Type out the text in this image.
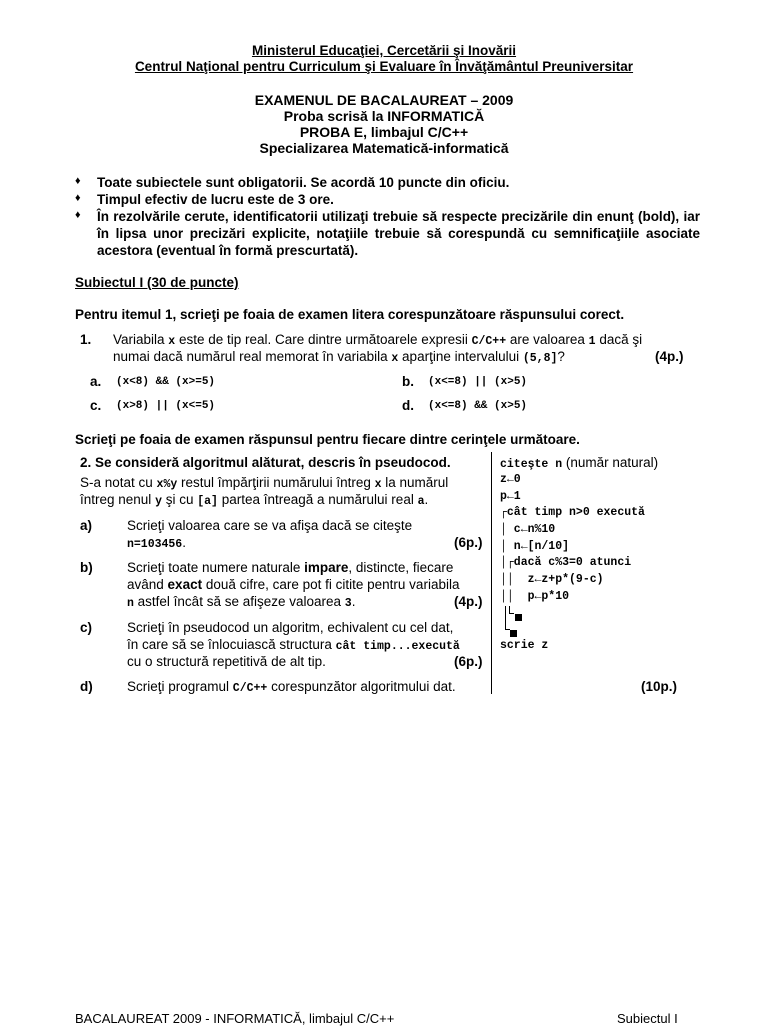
Ministerul Educaţiei, Cercetării şi Inovării
Centrul Naţional pentru Curriculum şi Evaluare în Învăţământul Preuniversitar
EXAMENUL DE BACALAUREAT – 2009
Proba scrisă la INFORMATICĂ
PROBA E, limbajul C/C++
Specializarea Matematică-informatică
♦ Toate subiectele sunt obligatorii. Se acordă 10 puncte din oficiu.
♦ Timpul efectiv de lucru este de 3 ore.
♦ În rezolvările cerute, identificatorii utilizaţi trebuie să respecte precizările din enunţ (bold), iar în lipsa unor precizări explicite, notaţiile trebuie să corespundă cu semnificaţiile asociate acestora (eventual în formă prescurtată).
Subiectul I (30 de puncte)
Pentru itemul 1, scrieţi pe foaia de examen litera corespunzătoare răspunsului corect.
1. Variabila x este de tip real. Care dintre următoarele expresii C/C++ are valoarea 1 dacă şi
numai dacă numărul real memorat în variabila x aparţine intervalului (5,8]?	(4p.)
a. (x<8) && (x>=5)	b. (x<=8) || (x>5)
c. (x>8) || (x<=5)	d. (x<=8) && (x>5)
Scrieţi pe foaia de examen răspunsul pentru fiecare dintre cerinţele următoare.
2. Se consideră algoritmul alăturat, descris în pseudocod.
S-a notat cu x%y restul împărţirii numărului întreg x la numărul
întreg nenul y şi cu [a] partea întreagă a numărului real a.
a)	Scrieţi valoarea care se va afişa dacă se citeşte
n=103456.	(6p.)
b)	Scrieţi toate numere naturale impare, distincte, fiecare
având exact două cifre, care pot fi citite pentru variabila
n astfel încât să se afişeze valoarea 3.	(4p.)
c)	Scrieţi în pseudocod un algoritm, echivalent cu cel dat,
în care să se înlocuiască structura cât timp...execută
cu o structură repetitivă de alt tip.	(6p.)
d)	Scrieţi programul C/C++ corespunzător algoritmului dat.	(10p.)
citeşte n (număr natural)
z←0
p←1
┌cât timp n>0 execută
│ c←n%10
│ n←[n/10]
│┌dacă c%3=0 atunci
││  z←z+p*(9-c)
││  p←p*10
scrie z
BACALAUREAT 2009 - INFORMATICĂ, limbajul C/C++	Subiectul I
